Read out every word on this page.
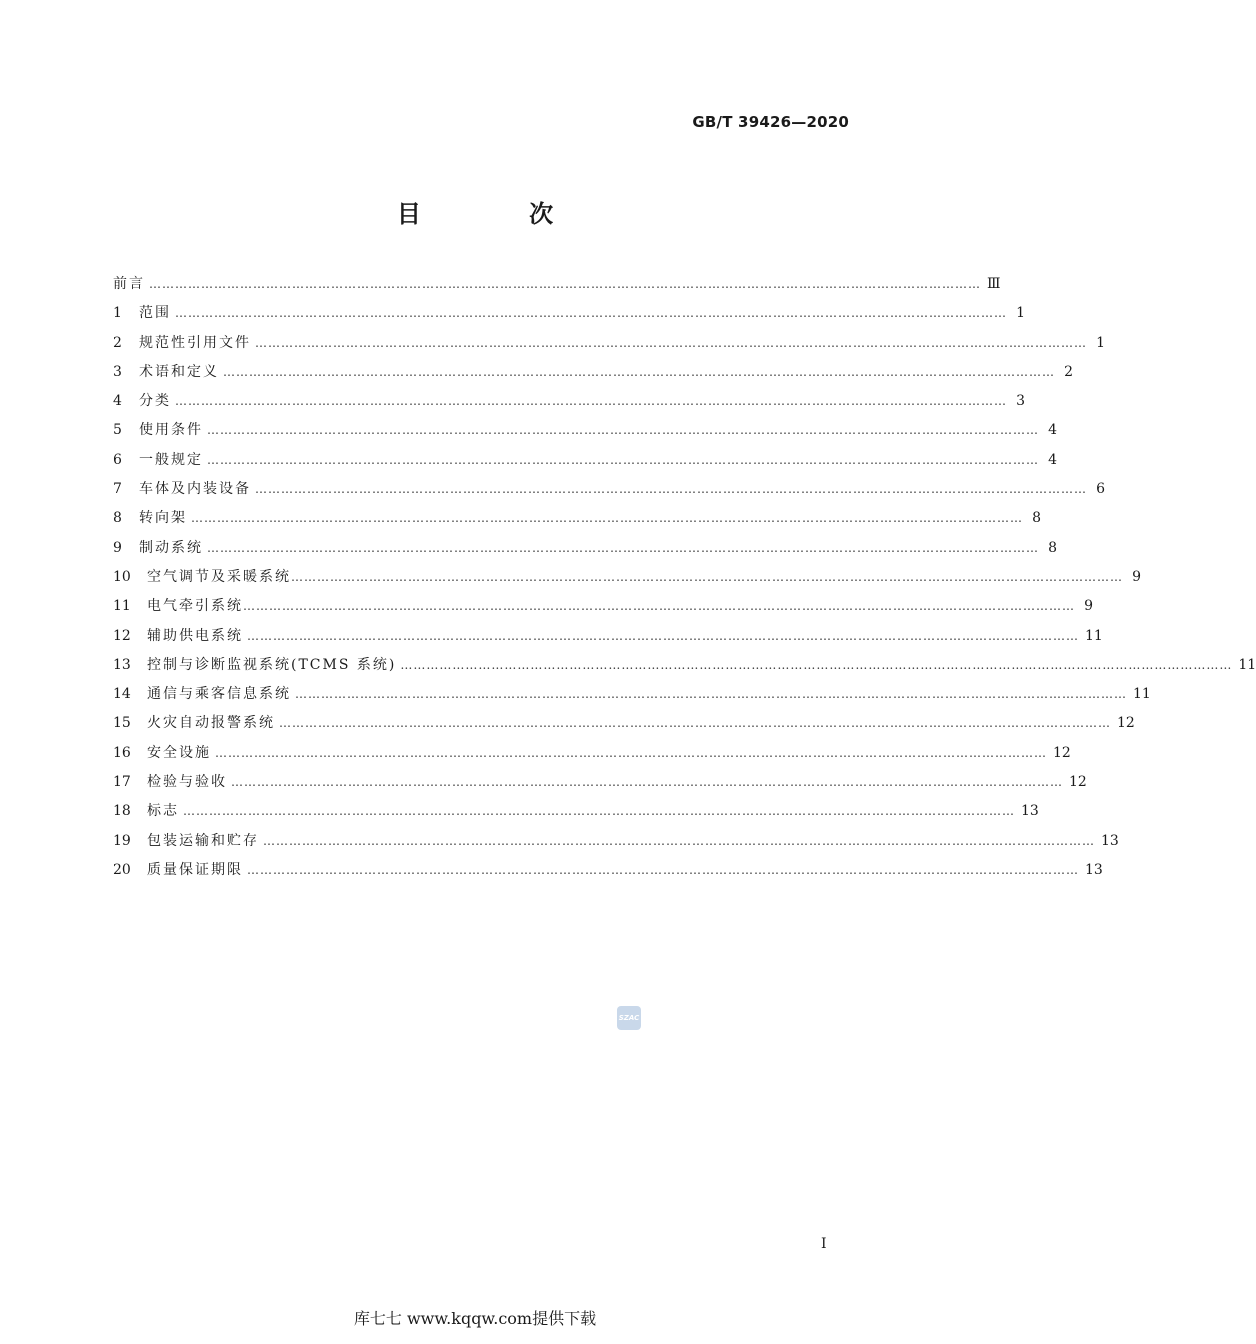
GB/T 39426—2020
目 次
前言 ………………………………………………………………………………………………………………………………………………………………………… Ⅲ
1	范围 ………………………………………………………………………………………………………………………………………………………………………… 1
2	规范性引用文件 ………………………………………………………………………………………………………………………………………………………………………… 1
3	术语和定义 ………………………………………………………………………………………………………………………………………………………………………… 2
4	分类 ………………………………………………………………………………………………………………………………………………………………………… 3
5	使用条件 ………………………………………………………………………………………………………………………………………………………………………… 4
6	一般规定 ………………………………………………………………………………………………………………………………………………………………………… 4
7	车体及内装设备 ………………………………………………………………………………………………………………………………………………………………………… 6
8	转向架 ………………………………………………………………………………………………………………………………………………………………………… 8
9	制动系统 ………………………………………………………………………………………………………………………………………………………………………… 8
10	空气调节及采暖系统 ………………………………………………………………………………………………………………………………………………………………………… 9
11	电气牵引系统 ………………………………………………………………………………………………………………………………………………………………………… 9
12	辅助供电系统 ………………………………………………………………………………………………………………………………………………………………………… 11
13	控制与诊断监视系统(TCMS 系统) ………………………………………………………………………………………………………………………………………………………………………… 11
14	通信与乘客信息系统 ………………………………………………………………………………………………………………………………………………………………………… 11
15	火灾自动报警系统 ………………………………………………………………………………………………………………………………………………………………………… 12
16	安全设施 ………………………………………………………………………………………………………………………………………………………………………… 12
17	检验与验收 ………………………………………………………………………………………………………………………………………………………………………… 12
18	标志 ………………………………………………………………………………………………………………………………………………………………………… 13
19	包装运输和贮存 ………………………………………………………………………………………………………………………………………………………………………… 13
20	质量保证期限 ………………………………………………………………………………………………………………………………………………………………………… 13
SZAC
I
库七七 www.kqqw.com提供下载
